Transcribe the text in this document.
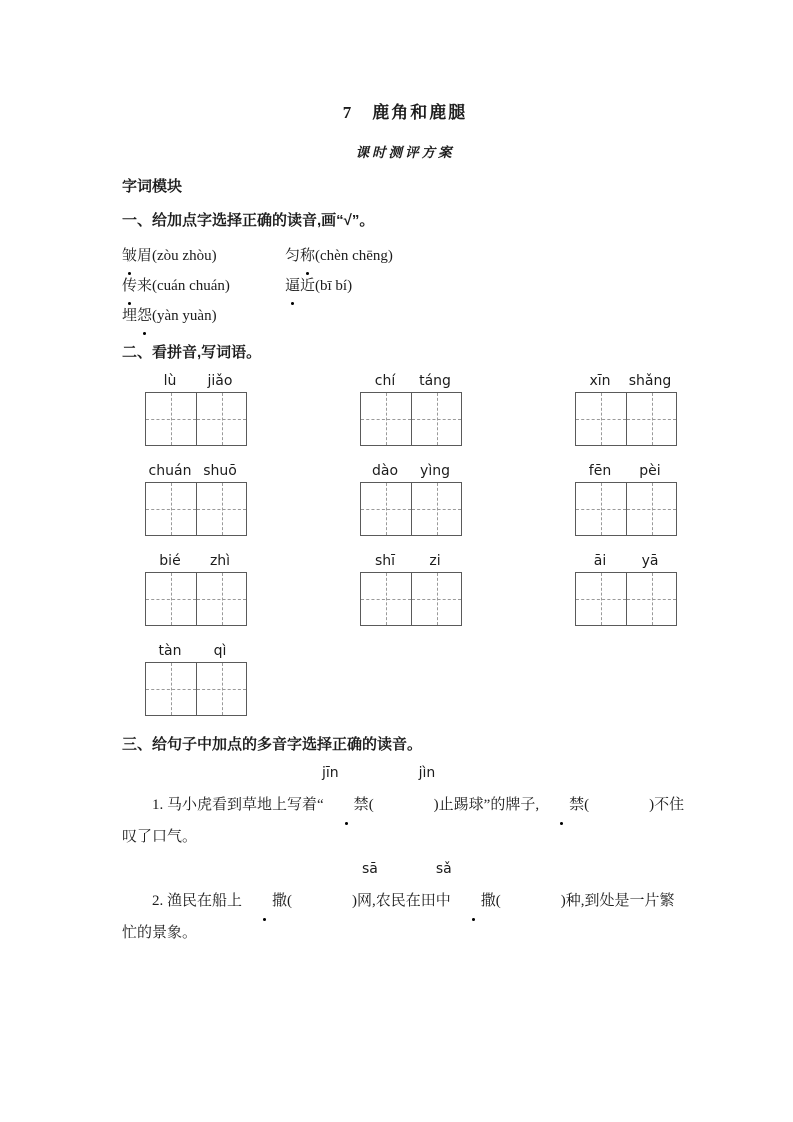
7　鹿角和鹿腿
课时测评方案
字词模块
一、给加点字选择正确的读音,画“√”。
皱眉(zòu zhòu)	匀称(chèn chēng)
传来(cuán chuán)	逼近(bī bí)
埋怨(yàn yuàn)
二、看拼音,写词语。
lù	jiǎo	chí	táng	xīn	shǎng
chuán shuō	dào	yìng	fēn	pèi
bié	zhì	shī	zi	āi	yā
tàn	qì
三、给句子中加点的多音字选择正确的读音。
jīn	jìn

1. 马小虎看到草地上写着“ 禁(　　　　)止踢球”的牌子, 禁(　　　　)不住叹了口气。

sā	sǎ

2. 渔民在船上 撒(　　　　)网,农民在田中 撒(　　　　)种,到处是一片繁忙的景象。
